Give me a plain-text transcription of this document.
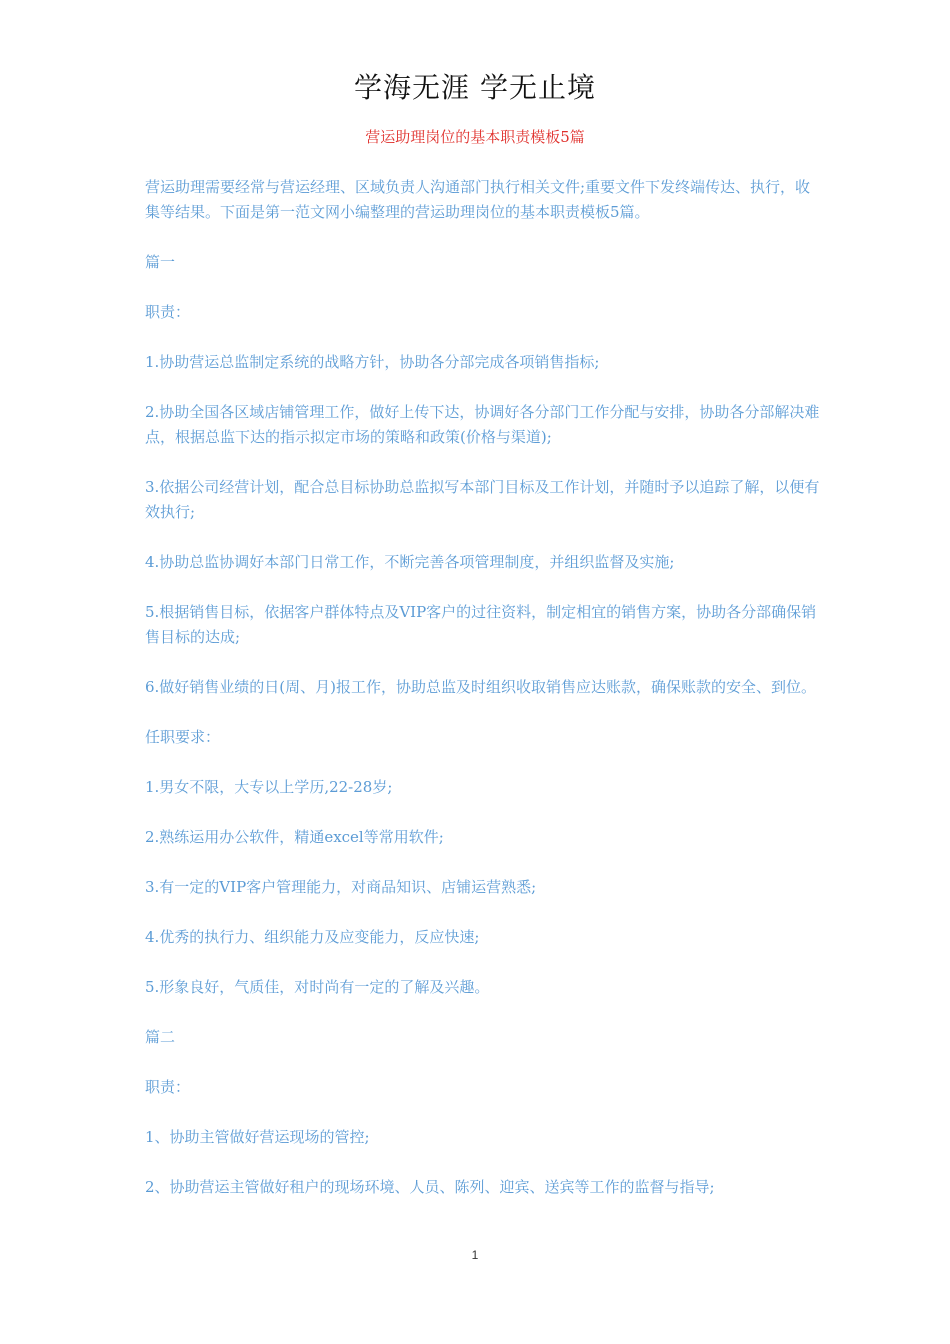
学海无涯 学无止境
营运助理岗位的基本职责模板5篇

营运助理需要经常与营运经理、区域负责人沟通部门执行相关文件;重要文件下发终端传达、执行，收集等结果。下面是第一范文网小编整理的营运助理岗位的基本职责模板5篇。

篇一

职责：

1.协助营运总监制定系统的战略方针，协助各分部完成各项销售指标;

2.协助全国各区域店铺管理工作，做好上传下达，协调好各分部门工作分配与安排，协助各分部解决难点，根据总监下达的指示拟定市场的策略和政策(价格与渠道);

3.依据公司经营计划，配合总目标协助总监拟写本部门目标及工作计划，并随时予以追踪了解，以便有效执行;

4.协助总监协调好本部门日常工作，不断完善各项管理制度，并组织监督及实施;

5.根据销售目标，依据客户群体特点及VIP客户的过往资料，制定相宜的销售方案，协助各分部确保销售目标的达成;

6.做好销售业绩的日(周、月)报工作，协助总监及时组织收取销售应达账款，确保账款的安全、到位。

任职要求：

1.男女不限，大专以上学历,22-28岁;

2.熟练运用办公软件，精通excel等常用软件;

3.有一定的VIP客户管理能力，对商品知识、店铺运营熟悉;

4.优秀的执行力、组织能力及应变能力，反应快速;

5.形象良好，气质佳，对时尚有一定的了解及兴趣。

篇二

职责：

1、协助主管做好营运现场的管控;

2、协助营运主管做好租户的现场环境、人员、陈列、迎宾、送宾等工作的监督与指导;

1
